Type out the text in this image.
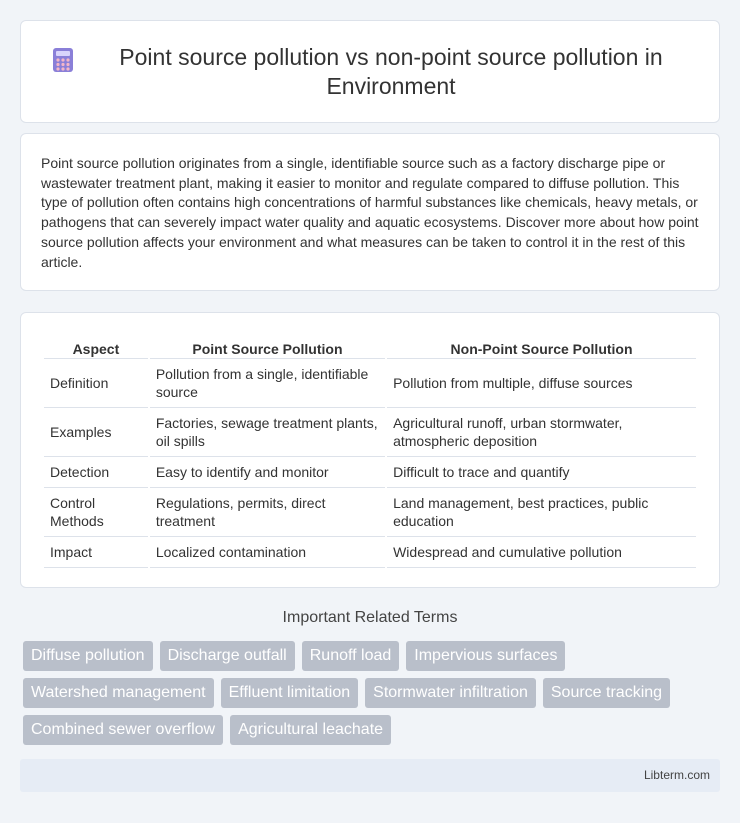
Point source pollution vs non-point source pollution in Environment

Point source pollution originates from a single, identifiable source such as a factory discharge pipe or wastewater treatment plant, making it easier to monitor and regulate compared to diffuse pollution. This type of pollution often contains high concentrations of harmful substances like chemicals, heavy metals, or pathogens that can severely impact water quality and aquatic ecosystems. Discover more about how point source pollution affects your environment and what measures can be taken to control it in the rest of this article.

Aspect	Point Source Pollution	Non-Point Source Pollution
Definition	Pollution from a single, identifiable source	Pollution from multiple, diffuse sources
Examples	Factories, sewage treatment plants, oil spills	Agricultural runoff, urban stormwater, atmospheric deposition
Detection	Easy to identify and monitor	Difficult to trace and quantify
Control Methods	Regulations, permits, direct treatment	Land management, best practices, public education
Impact	Localized contamination	Widespread and cumulative pollution
Important Related Terms
Diffuse pollution	Discharge outfall	Runoff load	Impervious surfaces
Watershed management	Effluent limitation	Stormwater infiltration	Source tracking
Combined sewer overflow	Agricultural leachate
Libterm.com
